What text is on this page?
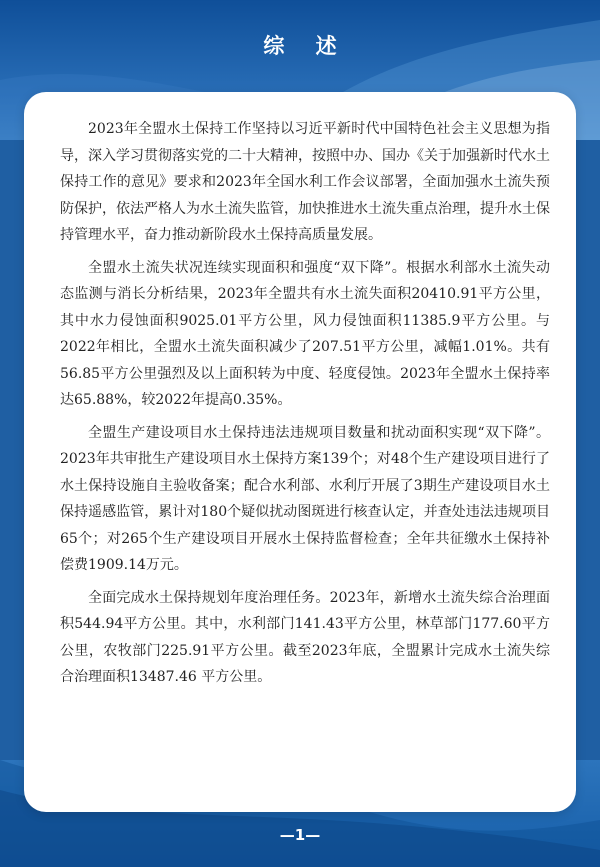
综 述

2023年全盟水土保持工作坚持以习近平新时代中国特色社会主义思想为指导，深入学习贯彻落实党的二十大精神，按照中办、国办《关于加强新时代水土保持工作的意见》要求和2023年全国水利工作会议部署，全面加强水土流失预防保护，依法严格人为水土流失监管，加快推进水土流失重点治理，提升水土保持管理水平，奋力推动新阶段水土保持高质量发展。

全盟水土流失状况连续实现面积和强度“双下降”。根据水利部水土流失动态监测与消长分析结果，2023年全盟共有水土流失面积20410.91平方公里，其中水力侵蚀面积9025.01平方公里，风力侵蚀面积11385.9平方公里。与2022年相比，全盟水土流失面积减少了207.51平方公里，减幅1.01%。共有56.85平方公里强烈及以上面积转为中度、轻度侵蚀。2023年全盟水土保持率达65.88%，较2022年提高0.35%。

全盟生产建设项目水土保持违法违规项目数量和扰动面积实现“双下降”。2023年共审批生产建设项目水土保持方案139个；对48个生产建设项目进行了水土保持设施自主验收备案；配合水利部、水利厅开展了3期生产建设项目水土保持遥感监管，累计对180个疑似扰动图斑进行核查认定，并查处违法违规项目65个；对265个生产建设项目开展水土保持监督检查；全年共征缴水土保持补偿费1909.14万元。

全面完成水土保持规划年度治理任务。2023年，新增水土流失综合治理面积544.94平方公里。其中，水利部门141.43平方公里，林草部门177.60平方公里，农牧部门225.91平方公里。截至2023年底，全盟累计完成水土流失综合治理面积13487.46 平方公里。

—1—
